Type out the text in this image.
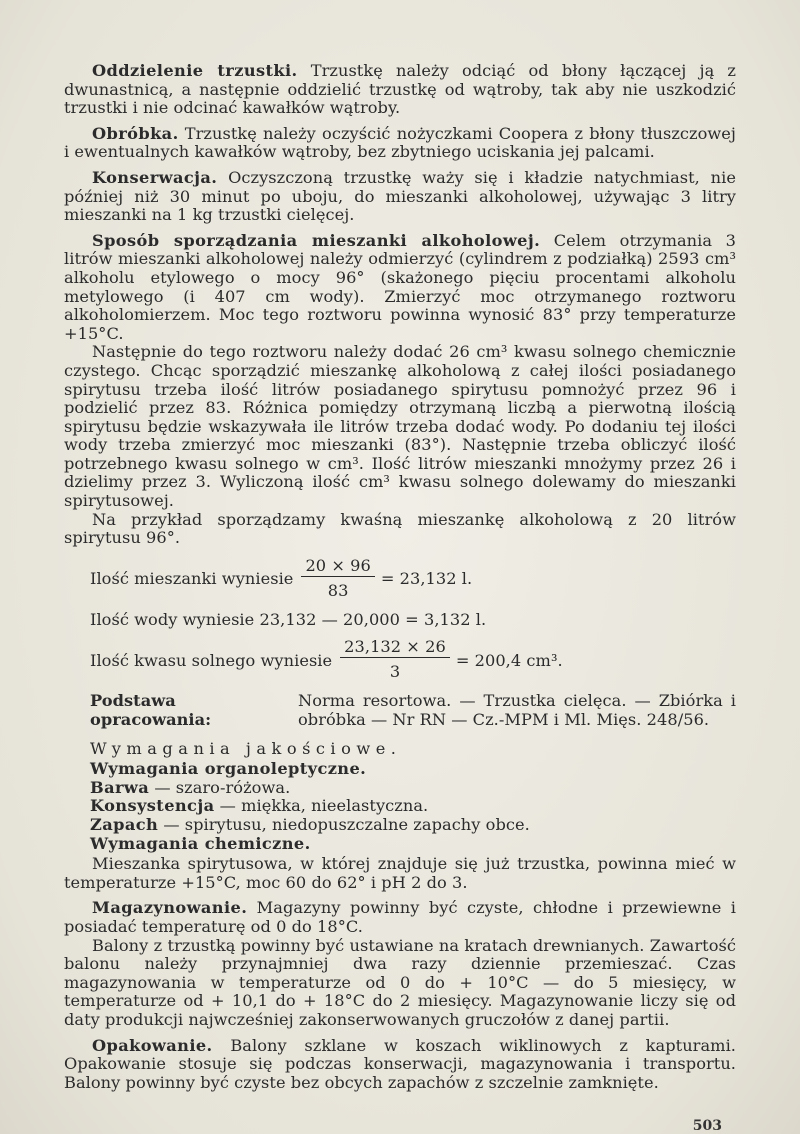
Oddzielenie trzustki. Trzustkę należy odciąć od błony łączącej ją z dwunastnicą, a następnie oddzielić trzustkę od wątroby, tak aby nie uszkodzić trzustki i nie odcinać kawałków wątroby.

Obróbka. Trzustkę należy oczyścić nożyczkami Coopera z błony tłuszczowej i ewentualnych kawałków wątroby, bez zbytniego uciskania jej palcami.

Konserwacja. Oczyszczoną trzustkę waży się i kładzie natychmiast, nie później niż 30 minut po uboju, do mieszanki alkoholowej, używając 3 litry mieszanki na 1 kg trzustki cielęcej.

Sposób sporządzania mieszanki alkoholowej. Celem otrzymania 3 litrów mieszanki alkoholowej należy odmierzyć (cylindrem z podziałką) 2593 cm³ alkoholu etylowego o mocy 96° (skażonego pięciu procentami alkoholu metylowego (i 407 cm wody). Zmierzyć moc otrzymanego roztworu alkoholomierzem. Moc tego roztworu powinna wynosić 83° przy temperaturze +15°C.

Następnie do tego roztworu należy dodać 26 cm³ kwasu solnego chemicznie czystego. Chcąc sporządzić mieszankę alkoholową z całej ilości posiadanego spirytusu trzeba ilość litrów posiadanego spirytusu pomnożyć przez 96 i podzielić przez 83. Różnica pomiędzy otrzymaną liczbą a pierwotną ilością spirytusu będzie wskazywała ile litrów trzeba dodać wody. Po dodaniu tej ilości wody trzeba zmierzyć moc mieszanki (83°). Następnie trzeba obliczyć ilość potrzebnego kwasu solnego w cm³. Ilość litrów mieszanki mnożymy przez 26 i dzielimy przez 3. Wyliczoną ilość cm³ kwasu solnego dolewamy do mieszanki spirytusowej.

Na przykład sporządzamy kwaśną mieszankę alkoholową z 20 litrów spirytusu 96°.

Ilość mieszanki wyniesie $\frac{20 ⨯ 96}{83} = 23,132$ l.
Ilość wody wyniesie 23,132 — 20,000 = 3,132 l.
Ilość kwasu solnego wyniesie $\frac{23,132 ⨯ 26}{3} = 200,4$ cm³.
Podstawa opracowania:
Norma resortowa. — Trzustka cielęca. — Zbiórka i obróbka — Nr RN — Cz.-MPM i Ml. Mięs. 248/56.
Wymagania jakościowe.
Wymagania organoleptyczne.
Barwa — szaro-różowa.
Konsystencja — miękka, nieelastyczna.
Zapach — spirytusu, niedopuszczalne zapachy obce.
Wymagania chemiczne.

Mieszanka spirytusowa, w której znajduje się już trzustka, powinna mieć w temperaturze +15°C, moc 60 do 62° i pH 2 do 3.

Magazynowanie. Magazyny powinny być czyste, chłodne i przewiewne i posiadać temperaturę od 0 do 18°C.

Balony z trzustką powinny być ustawiane na kratach drewnianych. Zawartość balonu należy przynajmniej dwa razy dziennie przemieszać. Czas magazynowania w temperaturze od 0 do + 10°C — do 5 miesięcy, w temperaturze od + 10,1 do + 18°C do 2 miesięcy. Magazynowanie liczy się od daty produkcji najwcześniej zakonserwowanych gruczołów z danej partii.

Opakowanie. Balony szklane w koszach wiklinowych z kapturami. Opakowanie stosuje się podczas konserwacji, magazynowania i transportu. Balony powinny być czyste bez obcych zapachów z szczelnie zamknięte.

503
